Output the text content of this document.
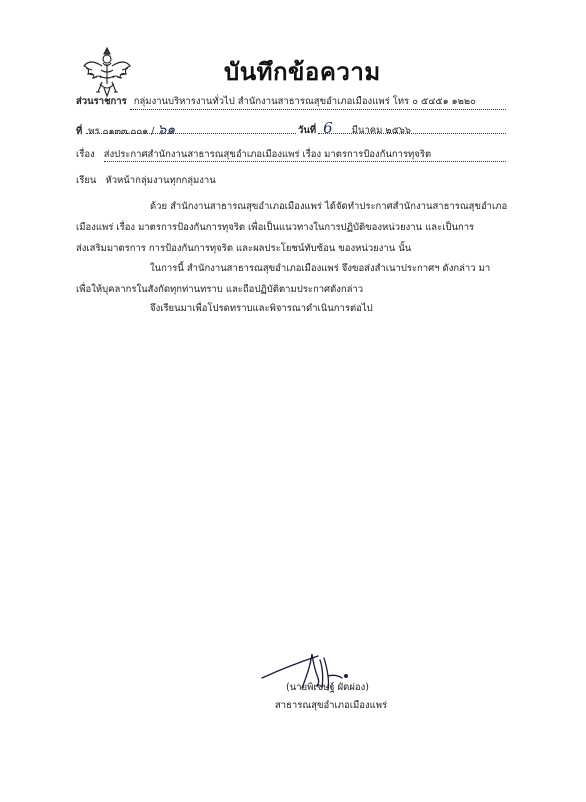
บันทึกข้อความ
ส่วนราชการ กลุ่มงานบริหารงานทั่วไป สำนักงานสาธารณสุขอำเภอเมืองแพร่ โทร ๐ ๕๔๕๑ ๑๒๒๐
ที่ พร ๐๑๓๓.๐๐๑ / ๖๑	วันที่ 6 มีนาคม ๒๕๖๖
เรื่อง ส่งประกาศสำนักงานสาธารณสุขอำเภอเมืองแพร่ เรื่อง มาตรการป้องกันการทุจริต
เรียน หัวหน้ากลุ่มงานทุกกลุ่มงาน
ด้วย สำนักงานสาธารณสุขอำเภอเมืองแพร่ ได้จัดทำประกาศสำนักงานสาธารณสุขอำเภอ
เมืองแพร่ เรื่อง มาตรการป้องกันการทุจริต เพื่อเป็นแนวทางในการปฏิบัติของหน่วยงาน และเป็นการ
ส่งเสริมมาตรการ การป้องกันการทุจริต และผลประโยชน์ทับซ้อน ของหน่วยงาน นั้น
ในการนี้ สำนักงานสาธารณสุขอำเภอเมืองแพร่ จึงขอส่งสำเนาประกาศฯ ดังกล่าว มา
เพื่อให้บุคลากรในสังกัดทุกท่านทราบ และถือปฏิบัติตามประกาศดังกล่าว
จึงเรียนมาเพื่อโปรดทราบและพิจารณาดำเนินการต่อไป
(นายพิเชษฐ์ ผัดผ่อง)
สาธารณสุขอำเภอเมืองแพร่
